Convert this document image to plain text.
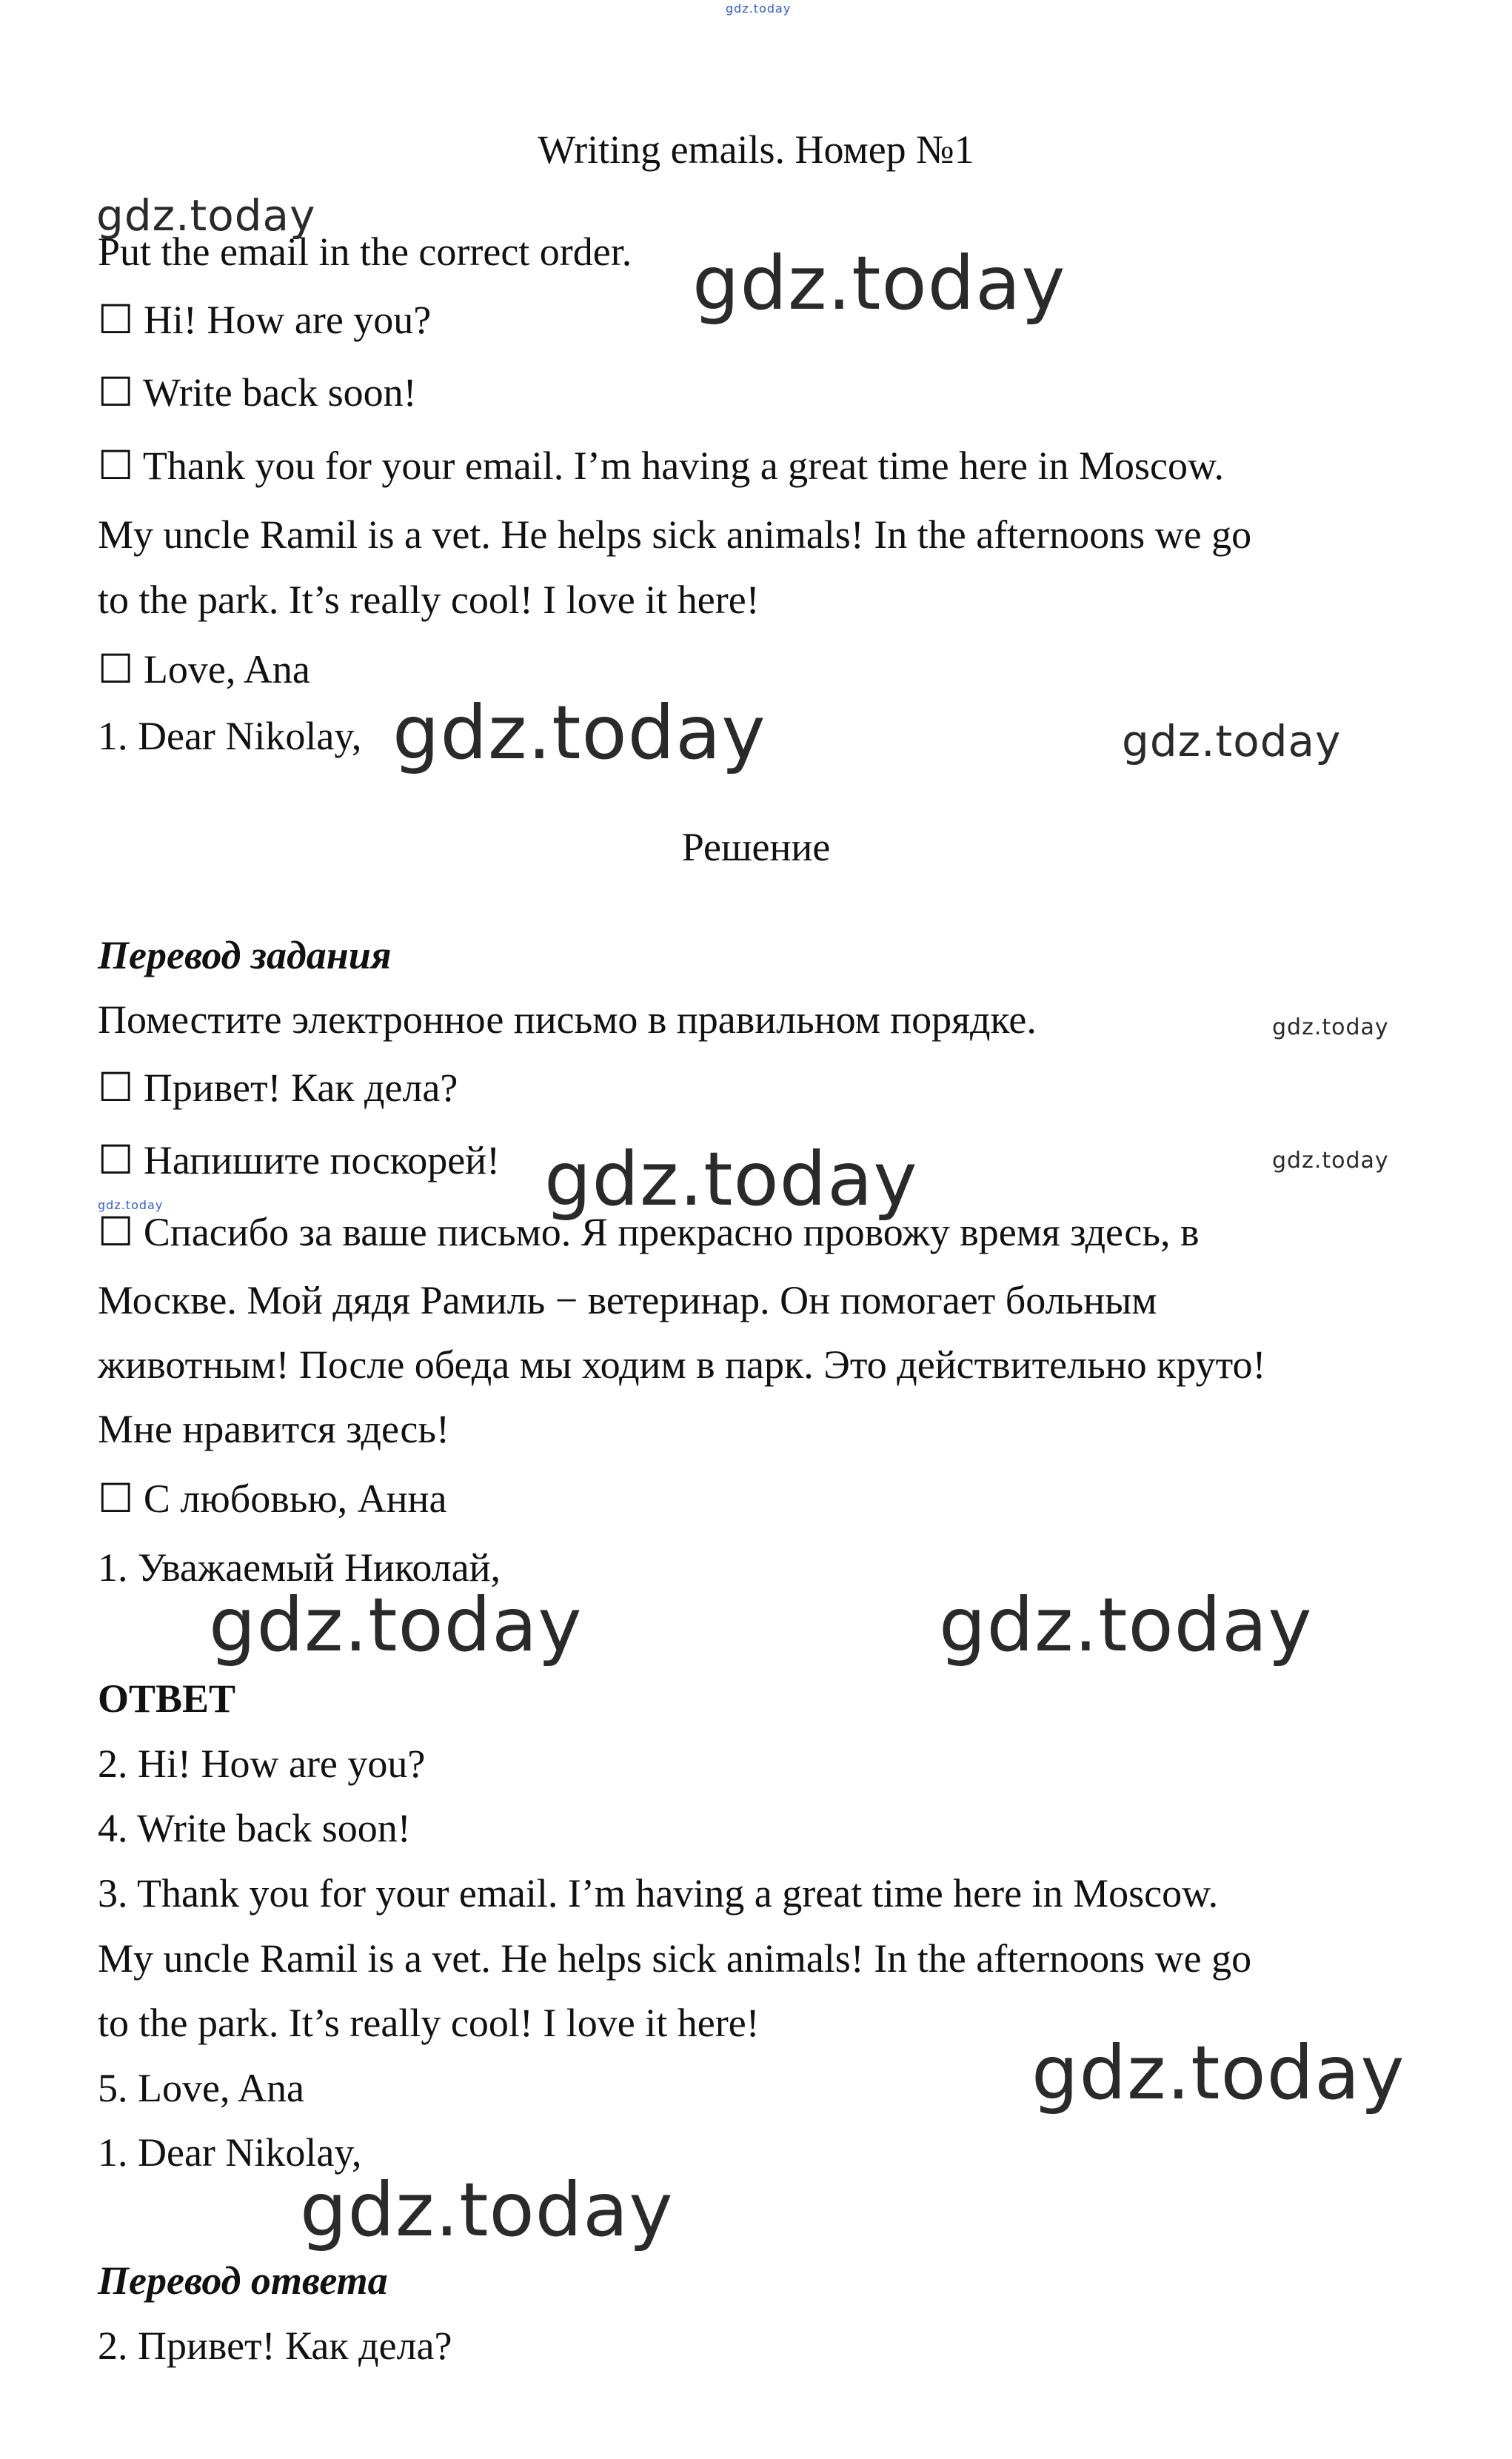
gdz.today

Writing emails. Номер №1

gdz.today

Put the email in the correct order. gdz.today

☐ Hi! How are you?

☐ Write back soon!

☐ Thank you for your email. I’m having a great time here in Moscow.

My uncle Ramil is a vet. He helps sick animals! In the afternoons we go

to the park. It’s really cool! I love it here!

☐ Love, Ana

1. Dear Nikolay, gdz.today	gdz.today

Решение

Перевод задания

Поместите электронное письмо в правильном порядке.	gdz.today

☐ Привет! Как дела?

☐ Напишите поскорей! gdz.today	gdz.today
gdz.today

☐ Спасибо за ваше письмо. Я прекрасно провожу время здесь, в

Москве. Мой дядя Рамиль − ветеринар. Он помогает больным

животным! После обеда мы ходим в парк. Это действительно круто!

Мне нравится здесь!

☐ С любовью, Анна

1. Уважаемый Николай,

gdz.today	gdz.today

ОТВЕТ

2. Hi! How are you?

4. Write back soon!

3. Thank you for your email. I’m having a great time here in Moscow.

My uncle Ramil is a vet. He helps sick animals! In the afternoons we go

to the park. It’s really cool! I love it here!

5. Love, Ana	gdz.today

1. Dear Nikolay,

gdz.today

Перевод ответа

2. Привет! Как дела?
